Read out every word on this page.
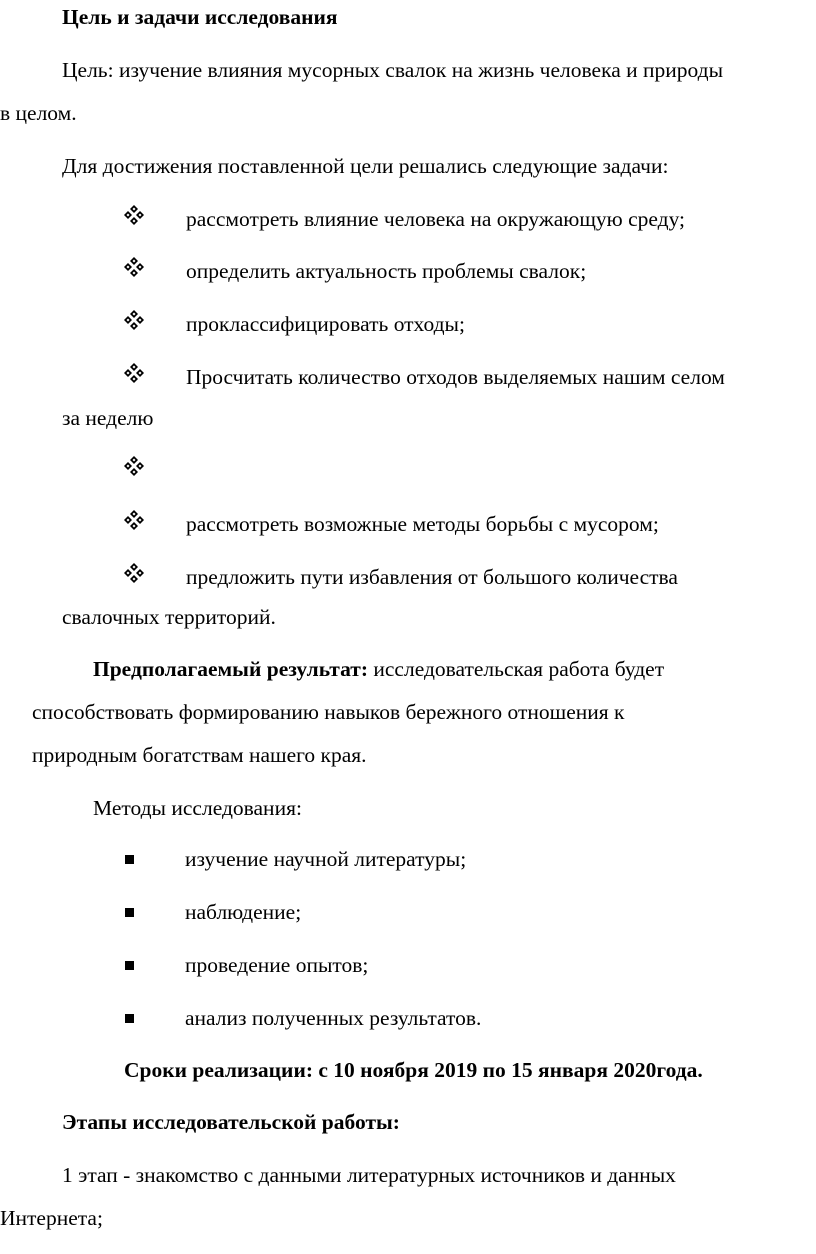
Цель и задачи исследования
Цель: изучение влияния мусорных свалок на жизнь человека и природы
в целом.
Для достижения поставленной цели решались следующие задачи:
рассмотреть влияние человека на окружающую среду;
определить актуальность проблемы свалок;
проклассифицировать отходы;
Просчитать количество отходов выделяемых нашим селом
за неделю
рассмотреть возможные методы борьбы с мусором;
предложить пути избавления от большого количества
свалочных территорий.
Предполагаемый результат: исследовательская работа будет
способствовать формированию навыков бережного отношения к
природным богатствам нашего края.
Методы исследования:
изучение научной литературы;
наблюдение;
проведение опытов;
анализ полученных результатов.
Сроки реализации: с 10 ноября 2019 по 15 января 2020года.
Этапы исследовательской работы:
1 этап - знакомство с данными литературных источников и данных
Интернета;
